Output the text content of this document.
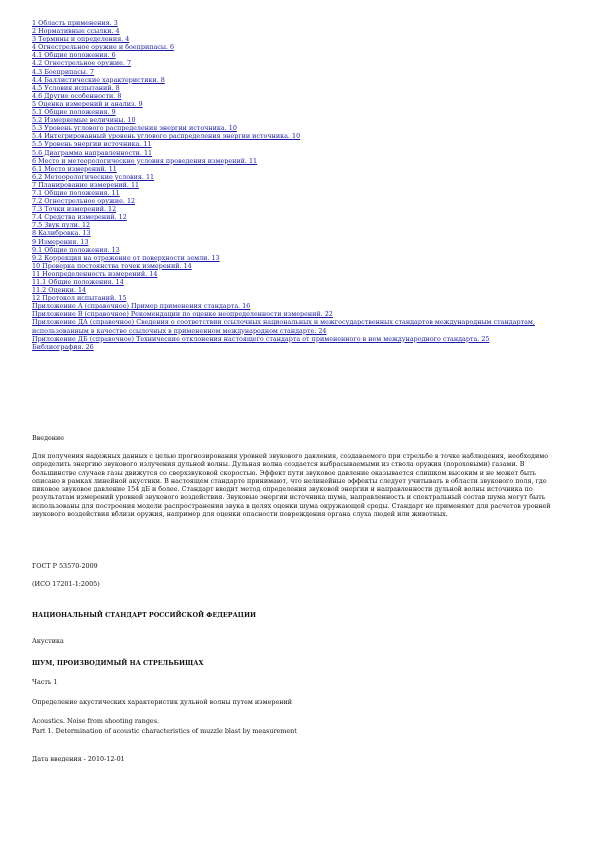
1 Область применения. 3
2 Нормативные ссылки. 4
3 Термины и определения. 4
4 Огнестрельное оружие и боеприпасы. 6
4.1 Общие положения. 6
4.2 Огнестрельное оружие. 7
4.3 Боеприпасы. 7
4.4 Баллистические характеристики. 8
4.5 Условия испытаний. 8
4.6 Другие особенности. 8
5 Оценка измерений и анализ. 9
5.1 Общие положения. 9
5.2 Измеряемые величины. 10
5.3 Уровень углового распределения энергии источника. 10
5.4 Интегрированный уровень углового распределения энергии источника. 10
5.5 Уровень энергии источника. 11
5.6 Диаграмма направленности. 11
6 Место и метеорологические условия проведения измерений. 11
6.1 Место измерений. 11
6.2 Метеорологические условия. 11
7 Планирование измерений. 11
7.1 Общие положения. 11
7.2 Огнестрельное оружие. 12
7.3 Точки измерений. 12
7.4 Средства измерений. 12
7.5 Звук пули. 12
8 Калибровка. 13
9 Измерения. 13
9.1 Общие положения. 13
9.2 Коррекция на отражение от поверхности земли. 13
10 Проверка постоянства точек измерений. 14
11 Неопределенность измерений. 14
11.1 Общие положения. 14
11.2 Оценки. 14
12 Протокол испытаний. 15
Приложение А (справочное) Пример применения стандарта. 16
Приложение В (справочное) Рекомендации по оценке неопределенности измерений. 22
Приложение ДА (справочное) Сведения о соответствии ссылочных национальных и межгосударственных стандартов международным стандартам, использованным в качестве ссылочных в примененном международном стандарте. 24
Приложение ДБ (справочное) Технические отклонения настоящего стандарта от примененного в нем международного стандарта. 25
Библиография. 26

Введение

Для получения надежных данных с целью прогнозирования уровней звукового давления, создаваемого при стрельбе в точке наблюдения, необходимо определить энергию звукового излучения дульной волны. Дульная волна создается выбрасываемыми из ствола оружия (пороховыми) газами. В большинстве случаев газы движутся со сверхзвуковой скоростью. Эффект пути звуковое давление оказывается слишком высоким и не может быть описано в рамках линейной акустики. В настоящем стандарте принимают, что нелинейные эффекты следует учитывать в области звукового поля, где пиковое звуковое давление 154 дБ и более. Стандарт вводит метод определения звуковой энергии и направленности дульной волны источника по результатам измерений уровней звукового воздействия. Звуковые энергии источника шума, направленность и спектральный состав шума могут быть использованы для построения модели распространения звука в целях оценки шума окружающей среды. Стандарт не применяют для расчетов уровней звукового воздействия вблизи оружия, например для оценки опасности повреждения органа слуха людей или животных.

ГОСТ Р 53570-2009

(ИСО 17201-1:2005)

НАЦИОНАЛЬНЫЙ СТАНДАРТ РОССИЙСКОЙ ФЕДЕРАЦИИ

Акустика

ШУМ, ПРОИЗВОДИМЫЙ НА СТРЕЛЬБИЩАХ

Часть 1

Определение акустических характеристик дульной волны путем измерений

Acoustics. Noise from shooting ranges.

Part 1. Determination of acoustic characteristics of muzzle blast by measurement

Дата введения - 2010-12-01
